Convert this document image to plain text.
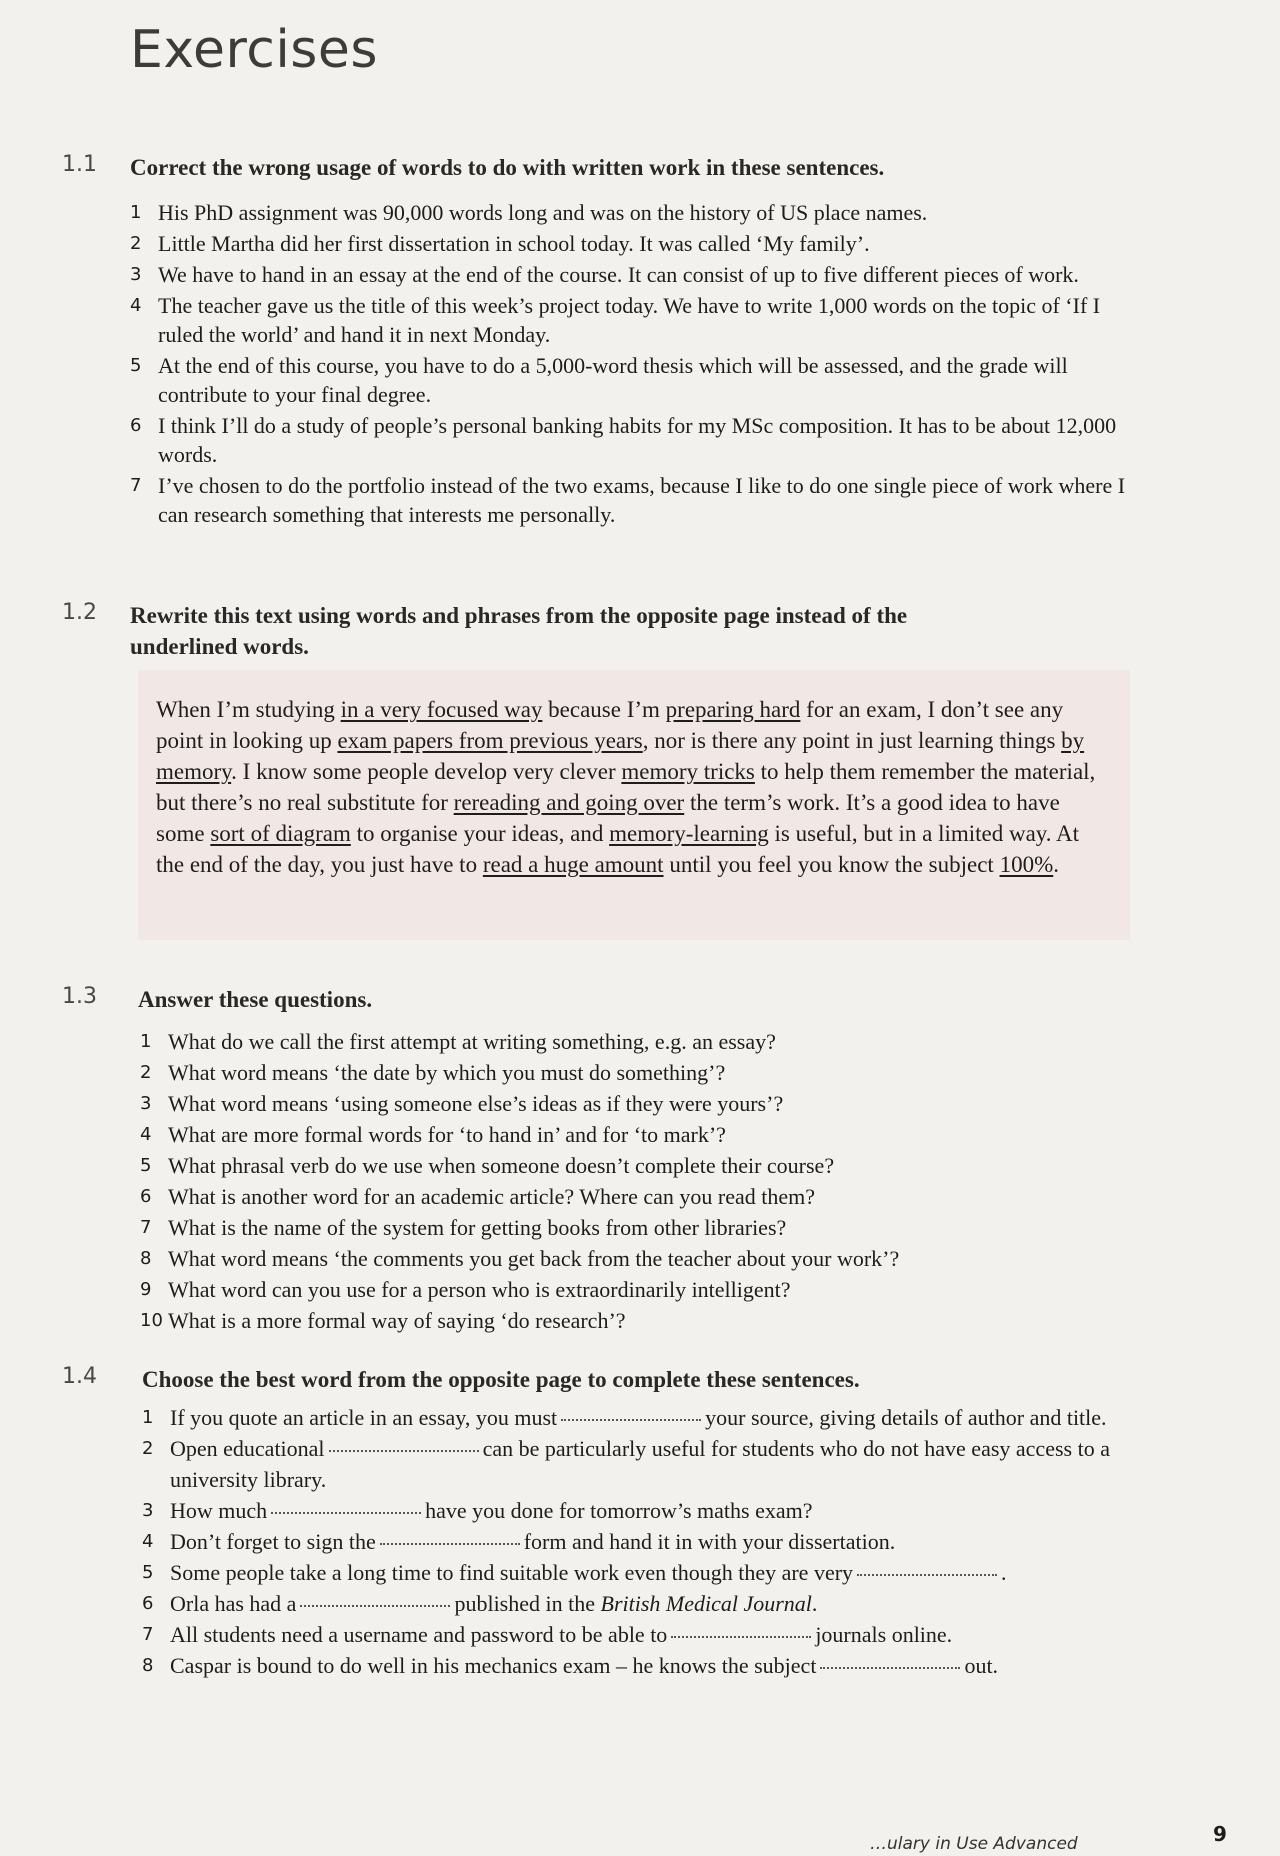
Exercises
1.1 Correct the wrong usage of words to do with written work in these sentences.
1 His PhD assignment was 90,000 words long and was on the history of US place names.
2 Little Martha did her first dissertation in school today. It was called ‘My family’.
3 We have to hand in an essay at the end of the course. It can consist of up to five different pieces of work.
4 The teacher gave us the title of this week’s project today. We have to write 1,000 words on the topic of ‘If I ruled the world’ and hand it in next Monday.
5 At the end of this course, you have to do a 5,000-word thesis which will be assessed, and the grade will contribute to your final degree.
6 I think I’ll do a study of people’s personal banking habits for my MSc composition. It has to be about 12,000 words.
7 I’ve chosen to do the portfolio instead of the two exams, because I like to do one single piece of work where I can research something that interests me personally.
1.2 Rewrite this text using words and phrases from the opposite page instead of the underlined words.

When I’m studying in a very focused way because I’m preparing hard for an exam, I don’t see any point in looking up exam papers from previous years, nor is there any point in just learning things by memory. I know some people develop very clever memory tricks to help them remember the material, but there’s no real substitute for rereading and going over the term’s work. It’s a good idea to have some sort of diagram to organise your ideas, and memory-learning is useful, but in a limited way. At the end of the day, you just have to read a huge amount until you feel you know the subject 100%.

1.3 Answer these questions.
1 What do we call the first attempt at writing something, e.g. an essay?
2 What word means ‘the date by which you must do something’?
3 What word means ‘using someone else’s ideas as if they were yours’?
4 What are more formal words for ‘to hand in’ and for ‘to mark’?
5 What phrasal verb do we use when someone doesn’t complete their course?
6 What is another word for an academic article? Where can you read them?
7 What is the name of the system for getting books from other libraries?
8 What word means ‘the comments you get back from the teacher about your work’?
9 What word can you use for a person who is extraordinarily intelligent?
10 What is a more formal way of saying ‘do research’?
1.4 Choose the best word from the opposite page to complete these sentences.
1 If you quote an article in an essay, you must	your source, giving details of author and title.
2 Open educational	can be particularly useful for students who do not have easy access to a university library.
3 How much	have you done for tomorrow’s maths exam?
4 Don’t forget to sign the	form and hand it in with your dissertation.
5 Some people take a long time to find suitable work even though they are very	.
6 Orla has had a	published in the British Medical Journal.
7 All students need a username and password to be able to	journals online.
8 Caspar is bound to do well in his mechanics exam – he knows the subject	out.
…ulary in Use Advanced	9
